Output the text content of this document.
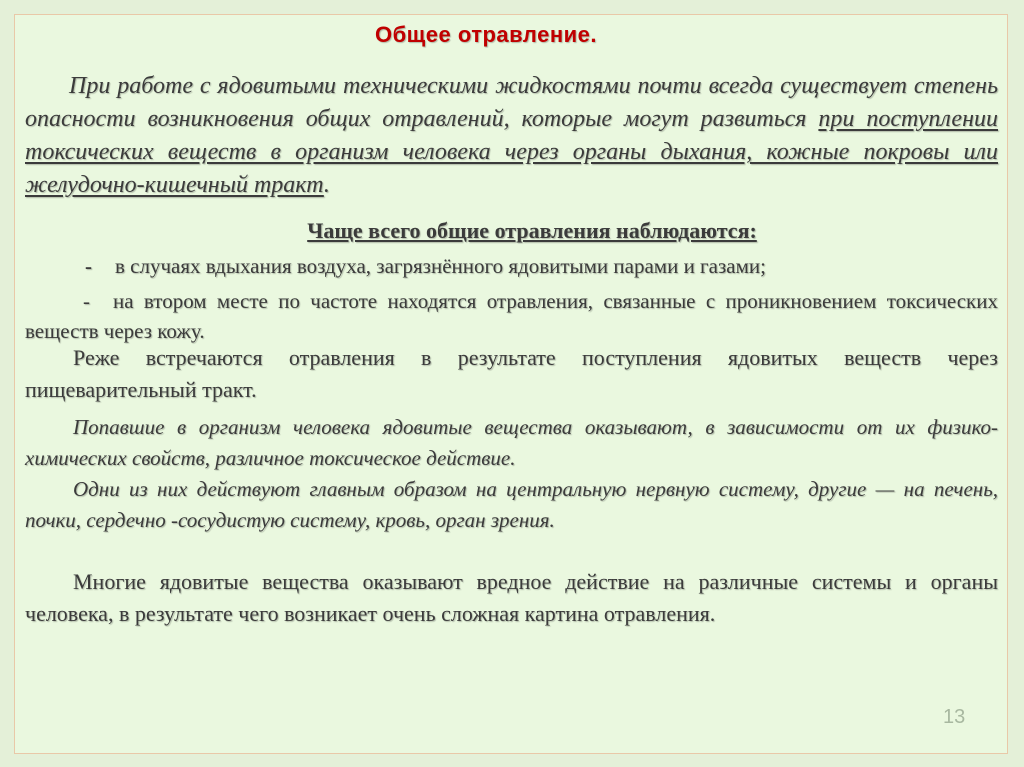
Общее отравление.
При работе с ядовитыми техническими жидкостями почти всегда существует степень опасности возникновения общих отравлений, которые могут развиться при поступлении токсических веществ в организм человека через органы дыхания, кожные покровы или желудочно-кишечный тракт.
Чаще всего общие отравления наблюдаются:
- в случаях вдыхания воздуха, загрязнённого ядовитыми парами и газами;
- на втором месте по частоте находятся отравления, связанные с проникновением токсических веществ через кожу.
Реже встречаются отравления в результате поступления ядовитых веществ через пищеварительный тракт.
Попавшие в организм человека ядовитые вещества оказывают, в зависимости от их физико-химических свойств, различное токсическое действие.
Одни из них действуют главным образом на центральную нервную систему, другие — на печень, почки, сердечно -сосудистую систему, кровь, орган зрения.
Многие ядовитые вещества оказывают вредное действие на различные системы и органы человека, в результате чего возникает очень сложная картина отравления.
13
